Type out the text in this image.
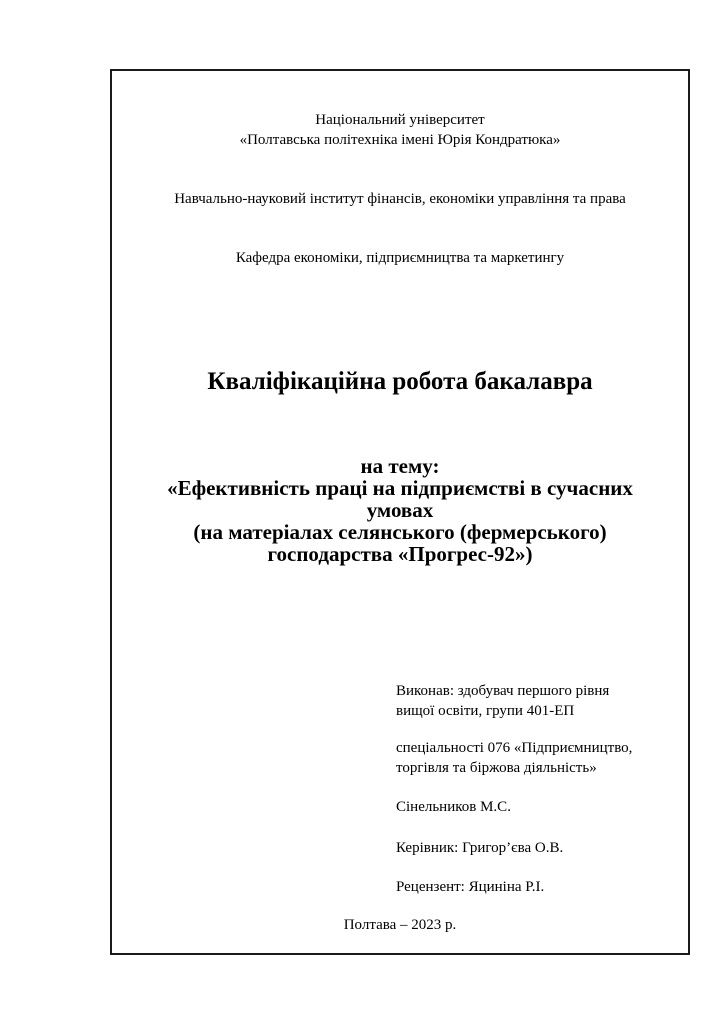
Національний університет
«Полтавська політехніка імені Юрія Кондратюка»
Навчально-науковий інститут фінансів, економіки управління та права
Кафедра економіки, підприємництва та маркетингу
Кваліфікаційна робота бакалавра
на тему:
«Ефективність праці на підприємстві в сучасних
умовах
(на матеріалах селянського (фермерського)
господарства «Прогрес-92»)
Виконав: здобувач першого рівня
вищої освіти, групи 401-ЕП
спеціальності 076 «Підприємництво,
торгівля та біржова діяльність»
Сінельников М.С.
Керівник: Григор’єва О.В.
Рецензент: Яциніна Р.І.
Полтава – 2023 р.
